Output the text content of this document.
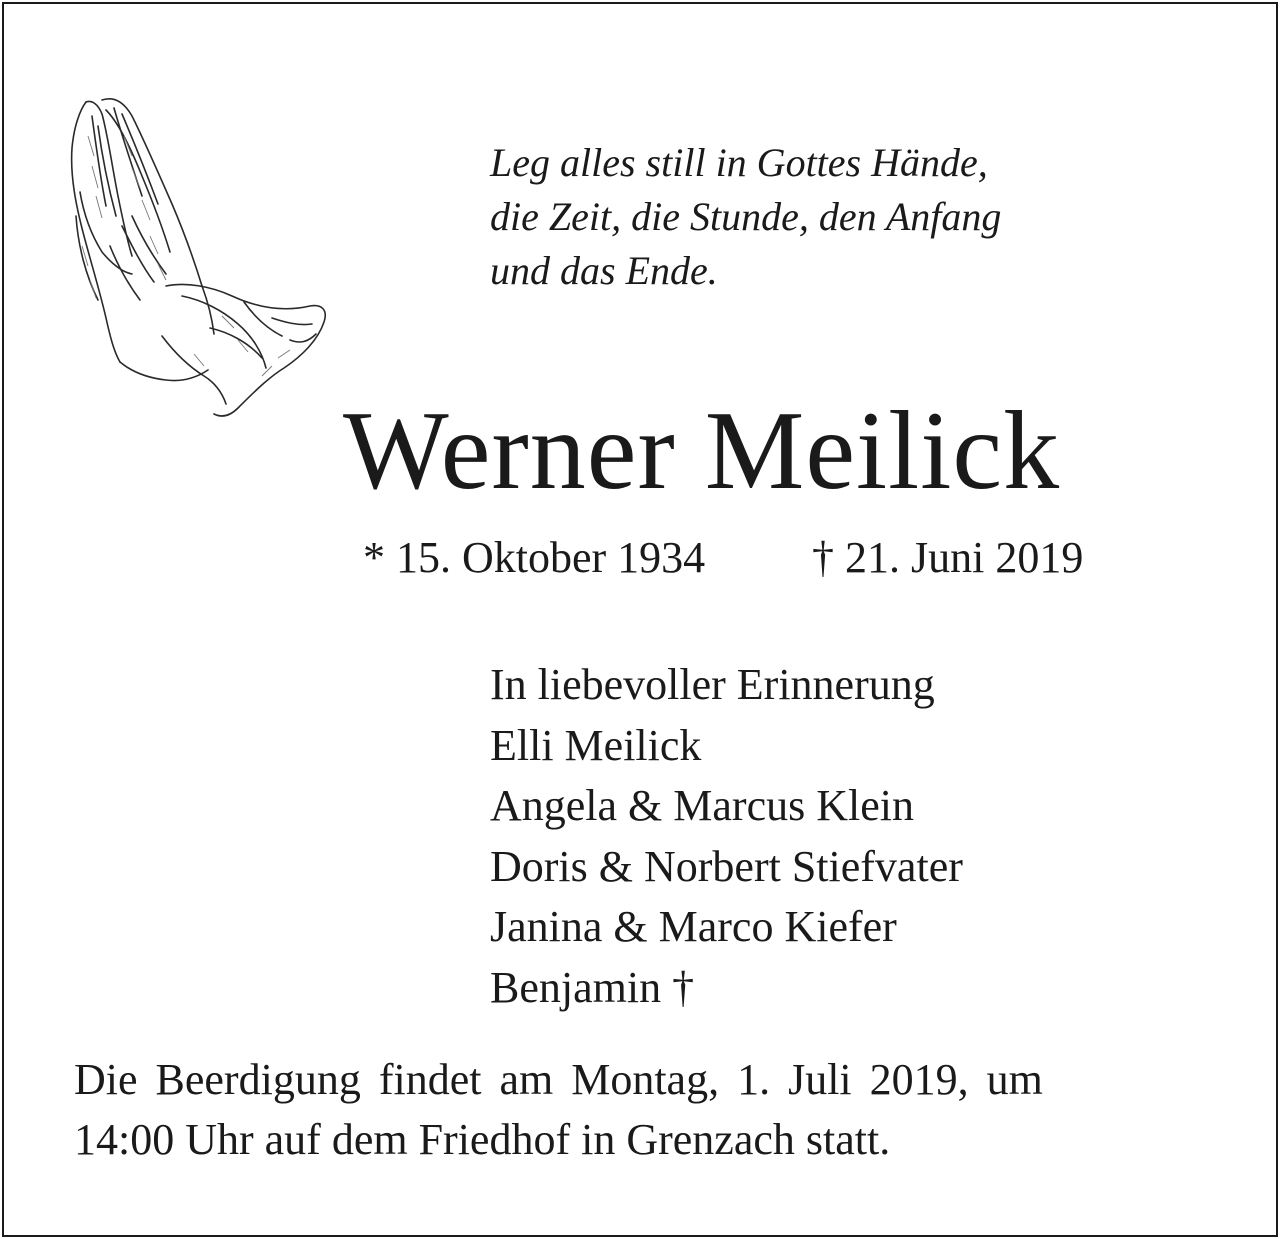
Leg alles still in Gottes Hände,
die Zeit, die Stunde, den Anfang
und das Ende.
Werner Meilick
* 15. Oktober 1934 † 21. Juni 2019
In liebevoller Erinnerung
Elli Meilick
Angela & Marcus Klein
Doris & Norbert Stiefvater
Janina & Marco Kiefer
Benjamin †

Die Beerdigung findet am Montag, 1. Juli 2019, um
14:00 Uhr auf dem Friedhof in Grenzach statt.
